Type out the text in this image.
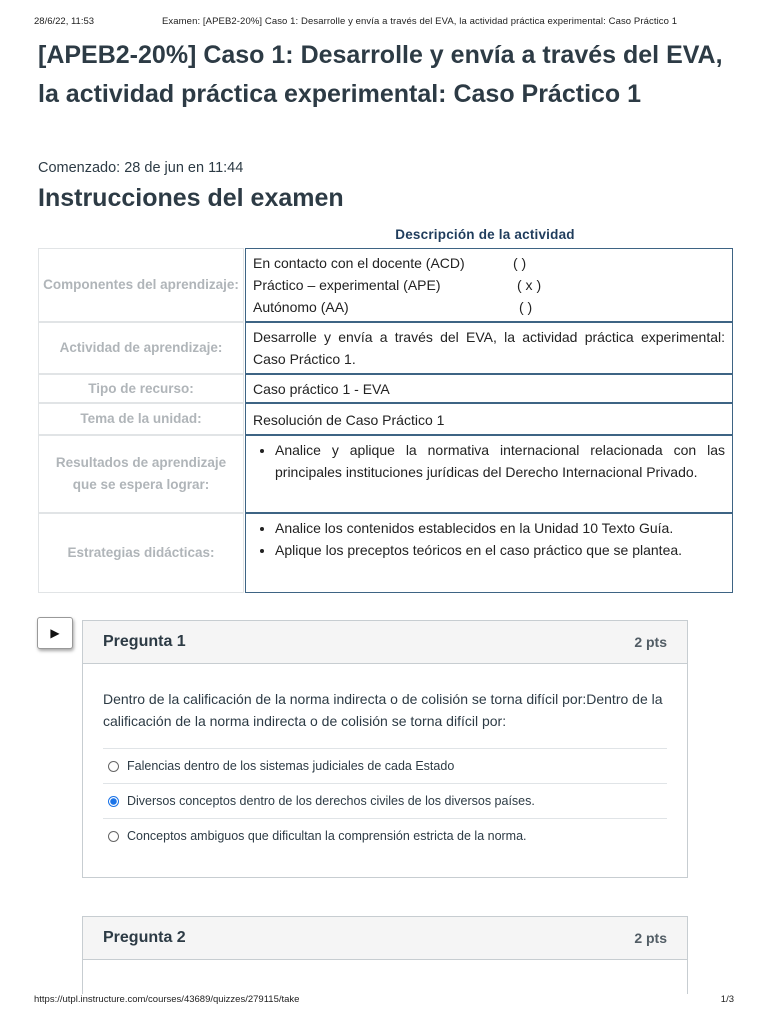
28/6/22, 11:53	Examen: [APEB2-20%] Caso 1: Desarrolle y envía a través del EVA, la actividad práctica experimental: Caso Práctico 1
[APEB2-20%] Caso 1: Desarrolle y envía a través del EVA, la actividad práctica experimental: Caso Práctico 1
Comenzado: 28 de jun en 11:44
Instrucciones del examen
Descripción de la actividad
Componentes del aprendizaje:
En contacto con el docente (ACD)	( )
Práctico – experimental (APE)	( x )
Autónomo (AA)	( )
Actividad de aprendizaje:
Desarrolle y envía a través del EVA, la actividad práctica experimental: Caso Práctico 1.
Tipo de recurso:	Caso práctico 1 - EVA
Tema de la unidad:	Resolución de Caso Práctico 1
Resultados de aprendizaje que se espera lograr:
• Analice y aplique la normativa internacional relacionada con las principales instituciones jurídicas del Derecho Internacional Privado.
Estrategias didácticas:
• Analice los contenidos establecidos en la Unidad 10 Texto Guía.
• Aplique los preceptos teóricos en el caso práctico que se plantea.
▶	Pregunta 1	2 pts
Dentro de la calificación de la norma indirecta o de colisión se torna difícil por:Dentro de la calificación de la norma indirecta o de colisión se torna difícil por:
Falencias dentro de los sistemas judiciales de cada Estado
Diversos conceptos dentro de los derechos civiles de los diversos países.
Conceptos ambiguos que dificultan la comprensión estricta de la norma.
Pregunta 2	2 pts
https://utpl.instructure.com/courses/43689/quizzes/279115/take	1/3
